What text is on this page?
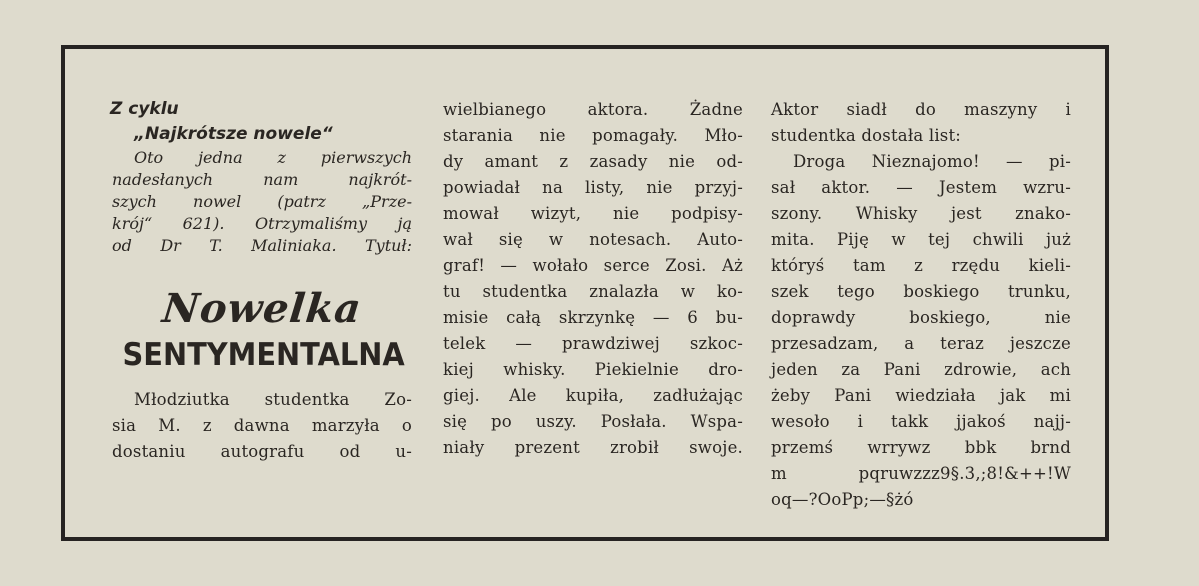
Z cyklu
„Najkrótsze nowele“
Oto jedna z pierwszych
nadesłanych nam najkrót-
szych nowel (patrz „Prze-
krój“ 621). Otrzymaliśmy ją
od Dr T. Maliniaka. Tytuł:
Nowelka
SENTYMENTALNA
Młodziutka studentka Zo-
sia M. z dawna marzyła o
dostaniu autografu od u-
wielbianego aktora. Żadne
starania nie pomagały. Mło-
dy amant z zasady nie od-
powiadał na listy, nie przyj-
mował wizyt, nie podpisy-
wał się w notesach. Auto-
graf! — wołało serce Zosi. Aż
tu studentka znalazła w ko-
misie całą skrzynkę — 6 bu-
telek — prawdziwej szkoc-
kiej whisky. Piekielnie dro-
giej. Ale kupiła, zadłużając
się po uszy. Posłała. Wspa-
niały prezent zrobił swoje.
Aktor siadł do maszyny i
studentka dostała list:
Droga Nieznajomo! — pi-
sał aktor. — Jestem wzru-
szony. Whisky jest znako-
mita. Piję w tej chwili już
któryś tam z rzędu kieli-
szek tego boskiego trunku,
doprawdy boskiego, nie
przesadzam, a teraz jeszcze
jeden za Pani zdrowie, ach
żeby Pani wiedziała jak mi
wesoło i takk jjakoś najj-
przemś wrrywz bbk brnd
m pqruwzzz9§.3,;8!&++!W
oq—?OoPp;—§żó
